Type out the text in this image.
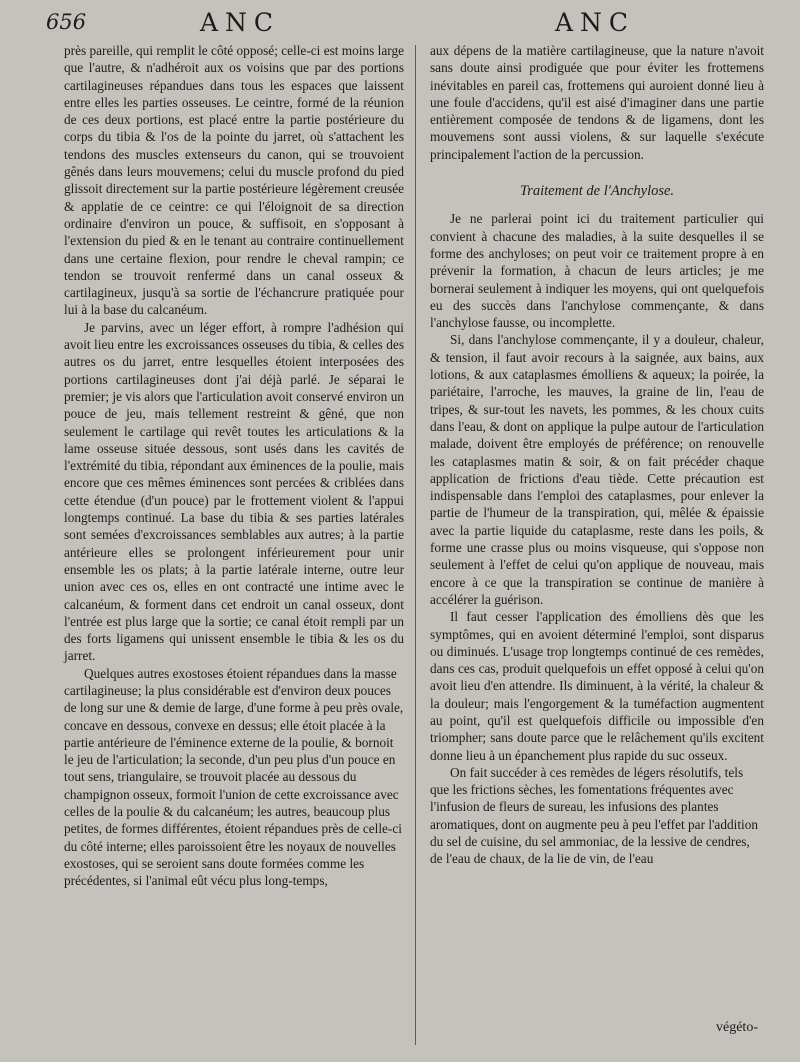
656	ANC	ANC

près pareille, qui remplit le côté opposé; celle-ci est moins large que l'autre, & n'adhéroit aux os voisins que par des portions cartilagineuses répandues dans tous les espaces que laissent entre elles les parties osseuses. Le ceintre, formé de la réunion de ces deux portions, est placé entre la partie postérieure du corps du tibia & l'os de la pointe du jarret, où s'attachent les tendons des muscles extenseurs du canon, qui se trouvoient gênés dans leurs mouvemens; celui du muscle profond du pied glissoit directement sur la partie postérieure légèrement creusée & applatie de ce ceintre: ce qui l'éloignoit de sa direction ordinaire d'environ un pouce, & suffisoit, en s'opposant à l'extension du pied & en le tenant au contraire continuellement dans une certaine flexion, pour rendre le cheval rampin; ce tendon se trouvoit renfermé dans un canal osseux & cartilagineux, jusqu'à sa sortie de l'échancrure pratiquée pour lui à la base du calcanéum.

Je parvins, avec un léger effort, à rompre l'adhésion qui avoit lieu entre les excroissances osseuses du tibia, & celles des autres os du jarret, entre lesquelles étoient interposées des portions cartilagineuses dont j'ai déjà parlé. Je séparai le premier; je vis alors que l'articulation avoit conservé environ un pouce de jeu, mais tellement restreint & gêné, que non seulement le cartilage qui revêt toutes les articulations & la lame osseuse située dessous, sont usés dans les cavités de l'extrémité du tibia, répondant aux éminences de la poulie, mais encore que ces mêmes éminences sont percées & criblées dans cette étendue (d'un pouce) par le frottement violent & l'appui longtemps continué. La base du tibia & ses parties latérales sont semées d'excroissances semblables aux autres; à la partie antérieure elles se prolongent inférieurement pour unir ensemble les os plats; à la partie latérale interne, outre leur union avec ces os, elles en ont contracté une intime avec le calcanéum, & forment dans cet endroit un canal osseux, dont l'entrée est plus large que la sortie; ce canal étoit rempli par un des forts ligamens qui unissent ensemble le tibia & les os du jarret.

Quelques autres exostoses étoient répandues dans la masse cartilagineuse; la plus considérable est d'environ deux pouces de long sur une & demie de large, d'une forme à peu près ovale, concave en dessous, convexe en dessus; elle étoit placée à la partie antérieure de l'éminence externe de la poulie, & bornoit le jeu de l'articulation; la seconde, d'un peu plus d'un pouce en tout sens, triangulaire, se trouvoit placée au dessous du champignon osseux, formoit l'union de cette excroissance avec celles de la poulie & du calcanéum; les autres, beaucoup plus petites, de formes différentes, étoient répandues près de celle-ci du côté interne; elles paroissoient être les noyaux de nouvelles exostoses, qui se seroient sans doute formées comme les précédentes, si l'animal eût vécu plus long-temps,

aux dépens de la matière cartilagineuse, que la nature n'avoit sans doute ainsi prodiguée que pour éviter les frottemens inévitables en pareil cas, frottemens qui auroient donné lieu à une foule d'accidens, qu'il est aisé d'imaginer dans une partie entièrement composée de tendons & de ligamens, dont les mouvemens sont aussi violens, & sur laquelle s'exécute principalement l'action de la percussion.

Traitement de l'Anchylose.

Je ne parlerai point ici du traitement particulier qui convient à chacune des maladies, à la suite desquelles il se forme des anchyloses; on peut voir ce traitement propre à en prévenir la formation, à chacun de leurs articles; je me bornerai seulement à indiquer les moyens, qui ont quelquefois eu des succès dans l'anchylose commençante, & dans l'anchylose fausse, ou incomplette.

Si, dans l'anchylose commençante, il y a douleur, chaleur, & tension, il faut avoir recours à la saignée, aux bains, aux lotions, & aux cataplasmes émolliens & aqueux; la poirée, la pariétaire, l'arroche, les mauves, la graine de lin, l'eau de tripes, & sur-tout les navets, les pommes, & les choux cuits dans l'eau, & dont on applique la pulpe autour de l'articulation malade, doivent être employés de préférence; on renouvelle les cataplasmes matin & soir, & on fait précéder chaque application de frictions d'eau tiède. Cette précaution est indispensable dans l'emploi des cataplasmes, pour enlever la partie de l'humeur de la transpiration, qui, mêlée & épaissie avec la partie liquide du cataplasme, reste dans les poils, & forme une crasse plus ou moins visqueuse, qui s'oppose non seulement à l'effet de celui qu'on applique de nouveau, mais encore à ce que la transpiration se continue de manière à accélérer la guérison.

Il faut cesser l'application des émolliens dès que les symptômes, qui en avoient déterminé l'emploi, sont disparus ou diminués. L'usage trop longtemps continué de ces remèdes, dans ces cas, produit quelquefois un effet opposé à celui qu'on avoit lieu d'en attendre. Ils diminuent, à la vérité, la chaleur & la douleur; mais l'engorgement & la tuméfaction augmentent au point, qu'il est quelquefois difficile ou impossible d'en triompher; sans doute parce que le relâchement qu'ils excitent donne lieu à un épanchement plus rapide du suc osseux.

On fait succéder à ces remèdes de légers résolutifs, tels que les frictions sèches, les fomentations fréquentes avec l'infusion de fleurs de sureau, les infusions des plantes aromatiques, dont on augmente peu à peu l'effet par l'addition du sel de cuisine, du sel ammoniac, de la lessive de cendres, de l'eau de chaux, de la lie de vin, de l'eau

végéto-
